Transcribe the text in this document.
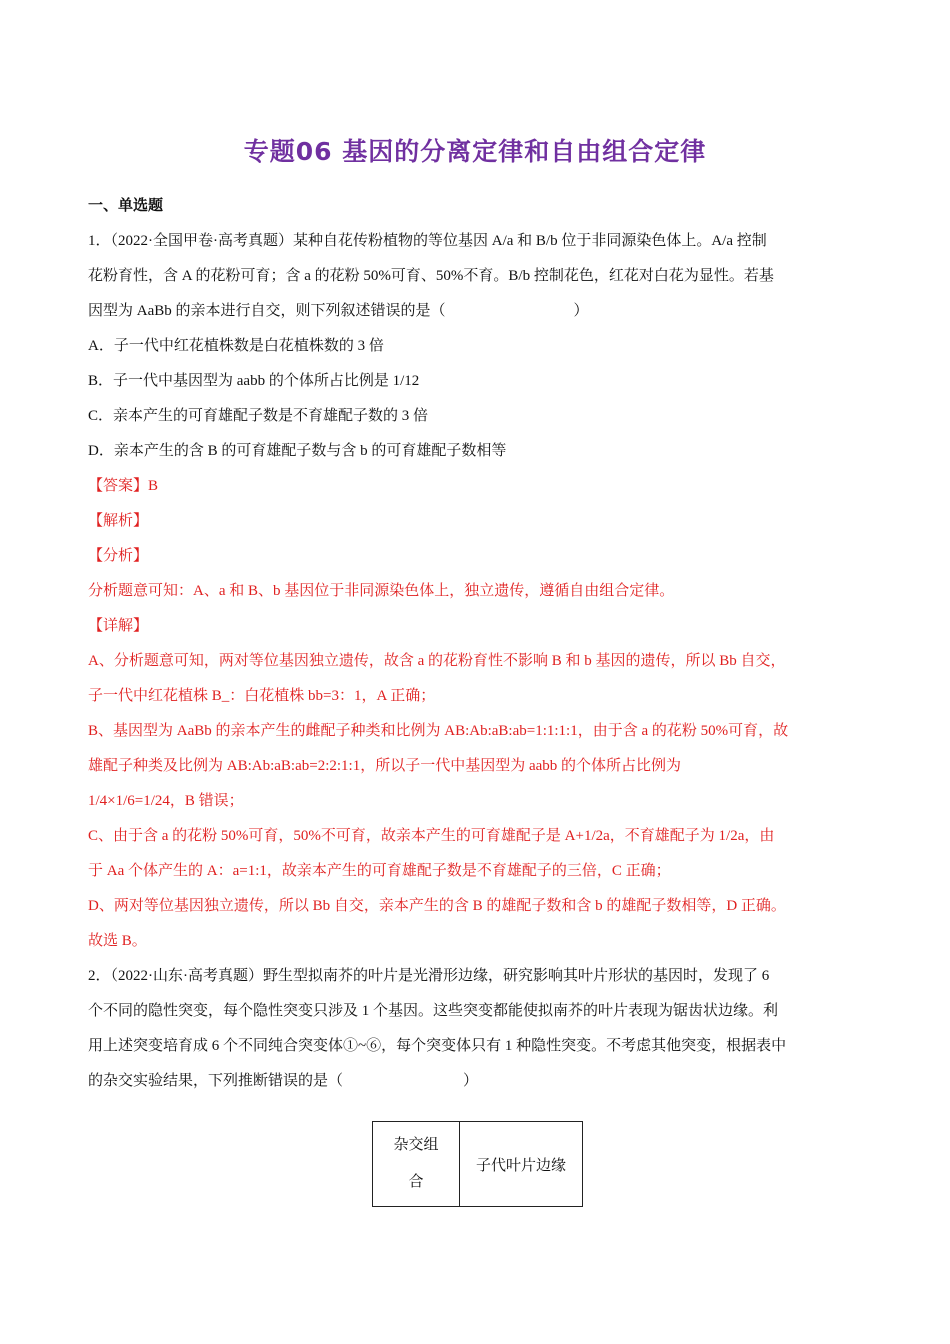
专题06 基因的分离定律和自由组合定律
一、单选题

1．（2022·全国甲卷·高考真题）某种自花传粉植物的等位基因 A/a 和 B/b 位于非同源染色体上。A/a 控制

花粉育性，含 A 的花粉可育；含 a 的花粉 50%可育、50%不育。B/b 控制花色，红花对白花为显性。若基

因型为 AaBb 的亲本进行自交，则下列叙述错误的是（	）

A．子一代中红花植株数是白花植株数的 3 倍

B．子一代中基因型为 aabb 的个体所占比例是 1/12

C．亲本产生的可育雄配子数是不育雄配子数的 3 倍

D．亲本产生的含 B 的可育雄配子数与含 b 的可育雄配子数相等

【答案】B

【解析】

【分析】

分析题意可知：A、a 和 B、b 基因位于非同源染色体上，独立遗传，遵循自由组合定律。

【详解】

A、分析题意可知，两对等位基因独立遗传，故含 a 的花粉育性不影响 B 和 b 基因的遗传，所以 Bb 自交，

子一代中红花植株 B_：白花植株 bb=3：1，A 正确；

B、基因型为 AaBb 的亲本产生的雌配子种类和比例为 AB:Ab:aB:ab=1:1:1:1，由于含 a 的花粉 50%可育，故

雄配子种类及比例为 AB:Ab:aB:ab=2:2:1:1，所以子一代中基因型为 aabb 的个体所占比例为

1/4×1/6=1/24，B 错误；

C、由于含 a 的花粉 50%可育，50%不可育，故亲本产生的可育雄配子是 A+1/2a，不育雄配子为 1/2a，由

于 Aa 个体产生的 A：a=1:1，故亲本产生的可育雄配子数是不育雄配子的三倍，C 正确；

D、两对等位基因独立遗传，所以 Bb 自交，亲本产生的含 B 的雄配子数和含 b 的雄配子数相等，D 正确。

故选 B。

2．（2022·山东·高考真题）野生型拟南芥的叶片是光滑形边缘，研究影响其叶片形状的基因时，发现了 6

个不同的隐性突变，每个隐性突变只涉及 1 个基因。这些突变都能使拟南芥的叶片表现为锯齿状边缘。利

用上述突变培育成 6 个不同纯合突变体①~⑥，每个突变体只有 1 种隐性突变。不考虑其他突变，根据表中

的杂交实验结果，下列推断错误的是（	）

杂交组
合	子代叶片边缘
